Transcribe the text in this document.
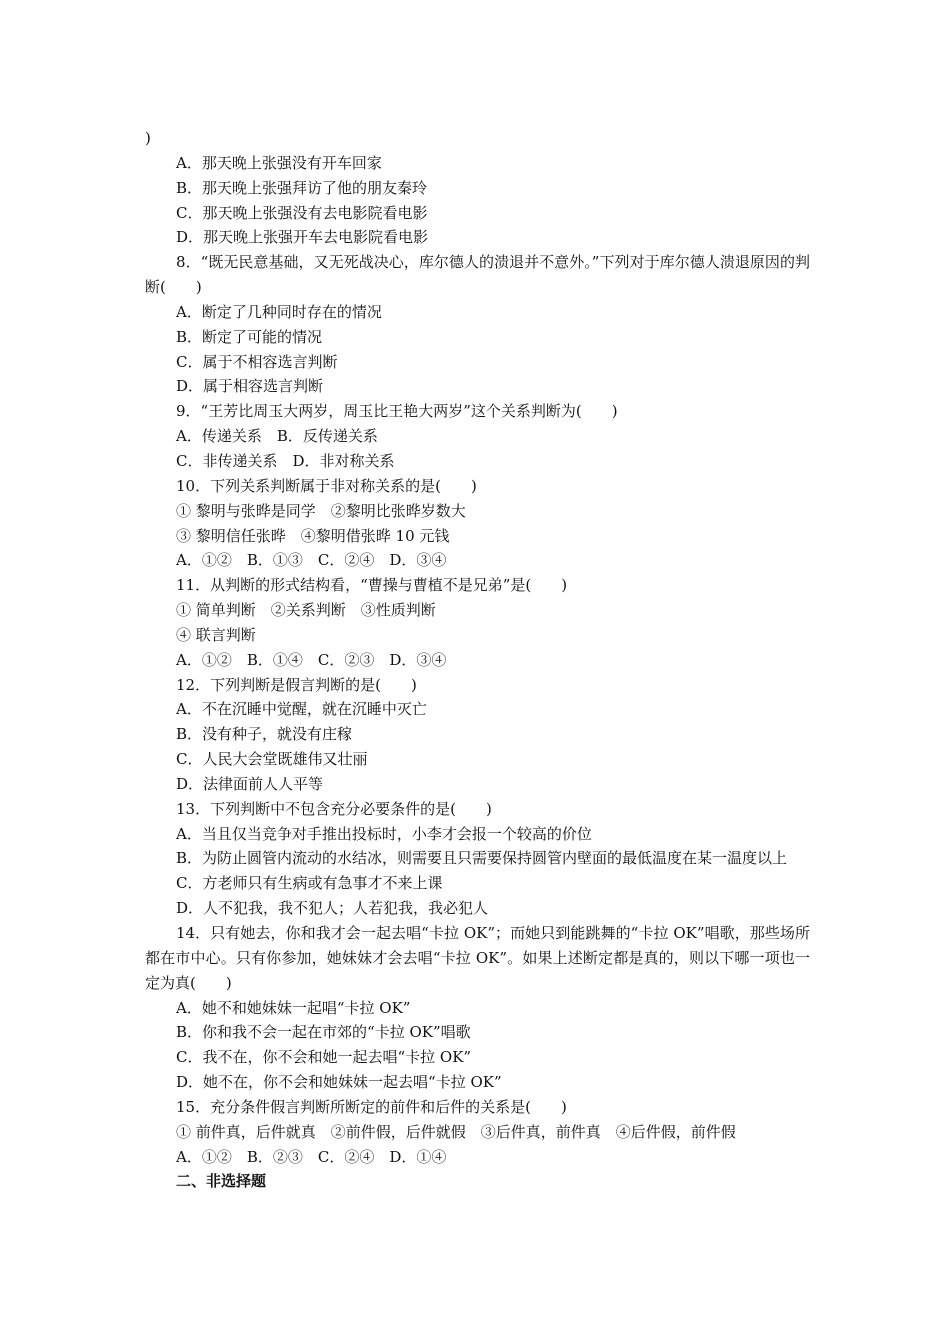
)
A．那天晚上张强没有开车回家
B．那天晚上张强拜访了他的朋友秦玲
C．那天晚上张强没有去电影院看电影
D．那天晚上张强开车去电影院看电影
8．“既无民意基础，又无死战决心，库尔德人的溃退并不意外。”下列对于库尔德人溃退原因的判断(　　)
A．断定了几种同时存在的情况
B．断定了可能的情况
C．属于不相容选言判断
D．属于相容选言判断
9．“王芳比周玉大两岁，周玉比王艳大两岁”这个关系判断为(　　)
A．传递关系　B．反传递关系
C．非传递关系　D．非对称关系
10．下列关系判断属于非对称关系的是(　　)
① 黎明与张晔是同学　②黎明比张晔岁数大
③ 黎明信任张晔　④黎明借张晔 10 元钱
A．①②　B．①③　C．②④　D．③④
11．从判断的形式结构看，“曹操与曹植不是兄弟”是(　　)
① 简单判断　②关系判断　③性质判断
④ 联言判断
A．①②　B．①④　C．②③　D．③④
12．下列判断是假言判断的是(　　)
A．不在沉睡中觉醒，就在沉睡中灭亡
B．没有种子，就没有庄稼
C．人民大会堂既雄伟又壮丽
D．法律面前人人平等
13．下列判断中不包含充分必要条件的是(　　)
A．当且仅当竞争对手推出投标时，小李才会报一个较高的价位
B．为防止圆管内流动的水结冰，则需要且只需要保持圆管内壁面的最低温度在某一温度以上
C．方老师只有生病或有急事才不来上课
D．人不犯我，我不犯人；人若犯我，我必犯人
14．只有她去，你和我才会一起去唱“卡拉 OK”；而她只到能跳舞的“卡拉 OK”唱歌，那些场所都在市中心。只有你参加，她妹妹才会去唱“卡拉 OK”。如果上述断定都是真的，则以下哪一项也一定为真(　　)
A．她不和她妹妹一起唱“卡拉 OK”
B．你和我不会一起在市郊的“卡拉 OK”唱歌
C．我不在，你不会和她一起去唱“卡拉 OK”
D．她不在，你不会和她妹妹一起去唱“卡拉 OK”
15．充分条件假言判断所断定的前件和后件的关系是(　　)
① 前件真，后件就真　②前件假，后件就假　③后件真，前件真　④后件假，前件假
A．①②　B．②③　C．②④　D．①④
二、非选择题
